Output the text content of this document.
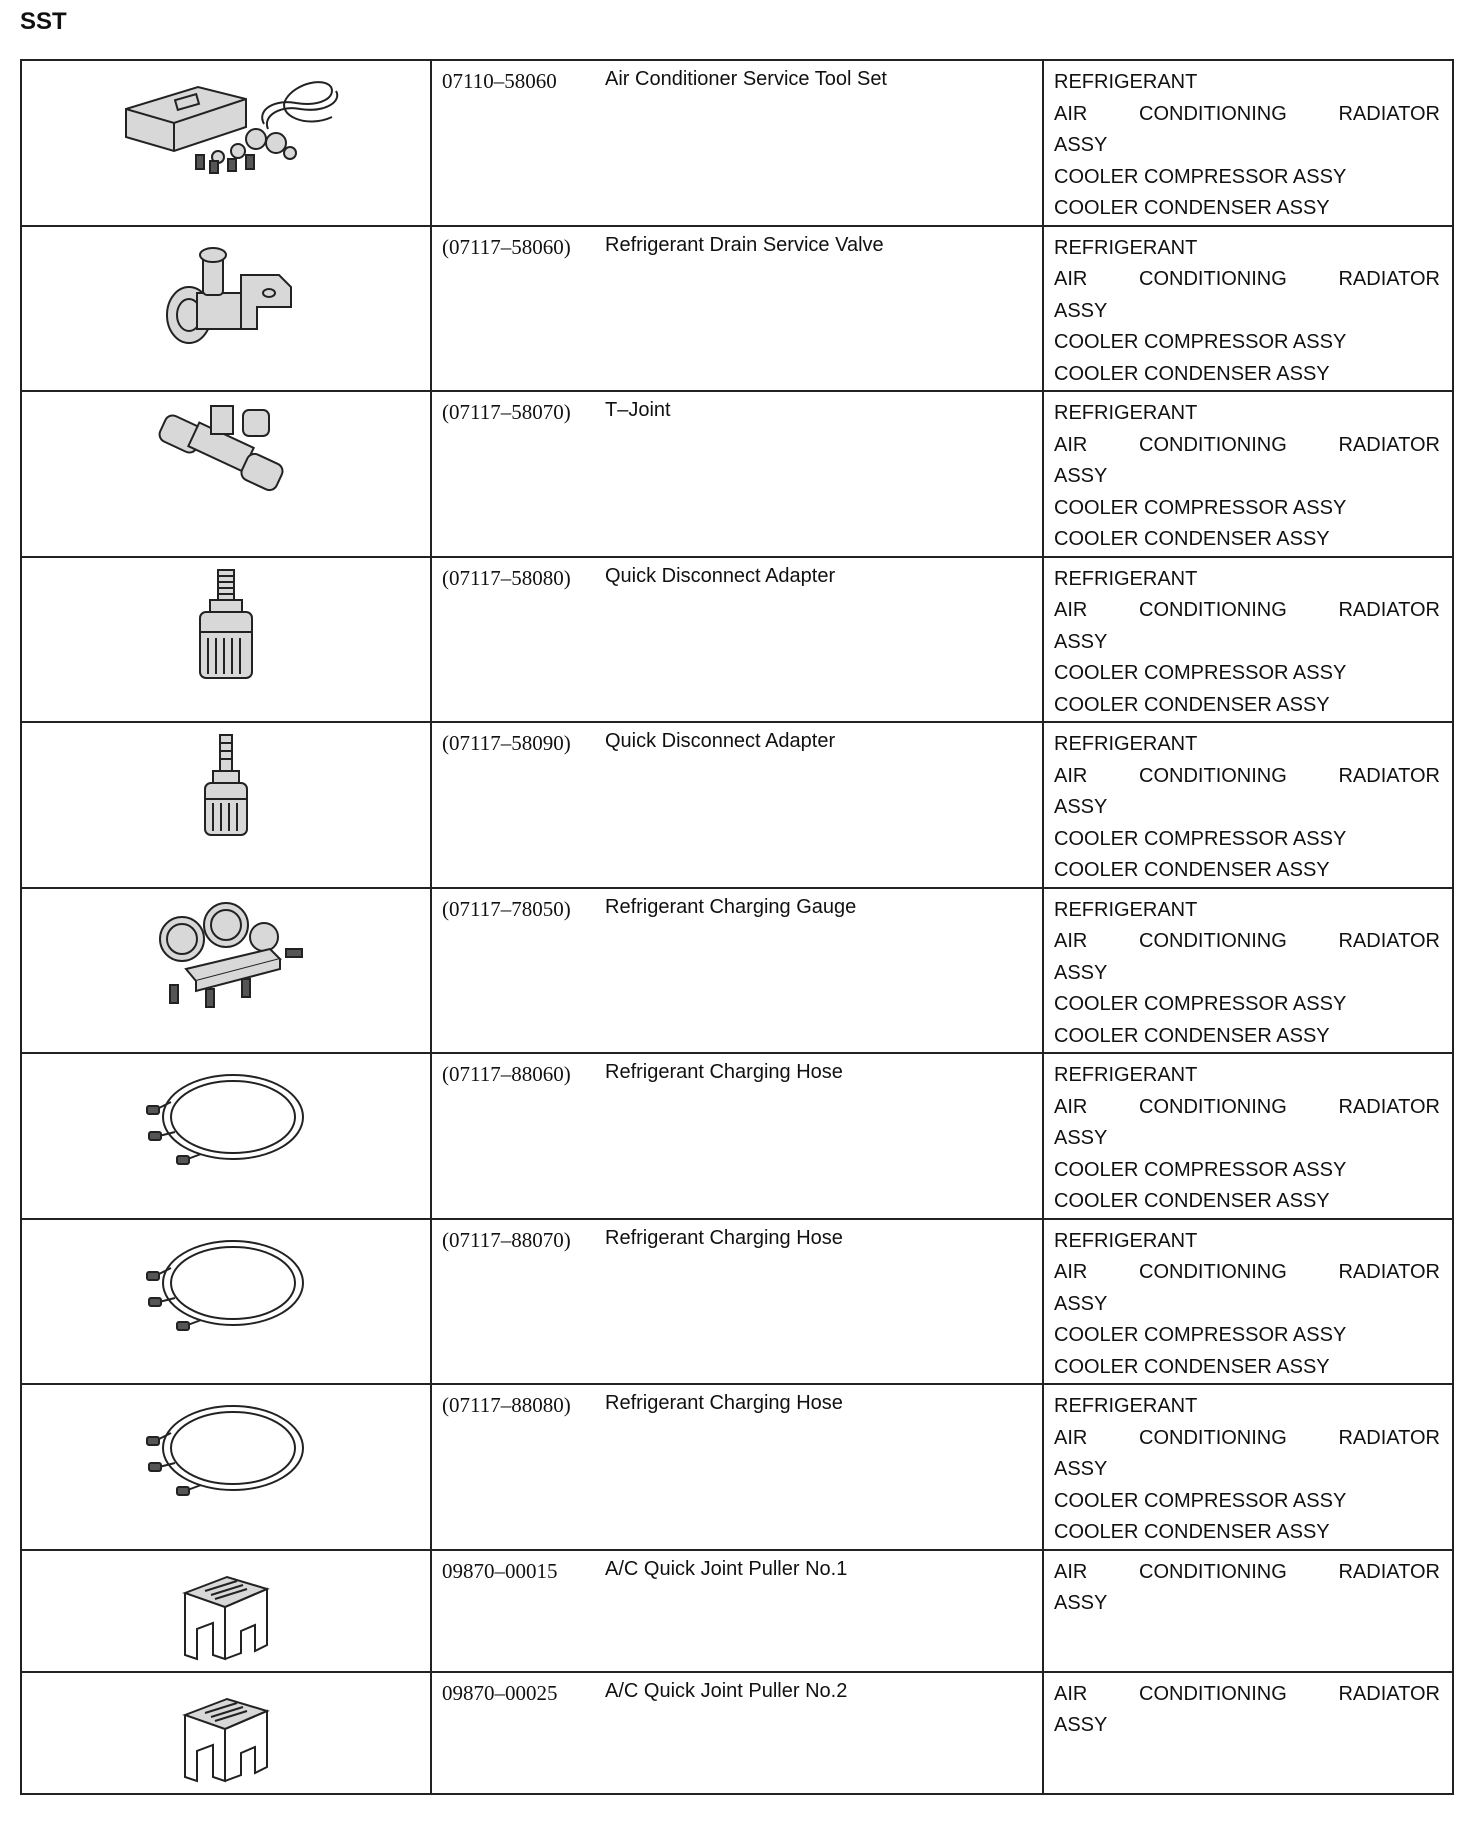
SST

07110–58060	Air Conditioner Service Tool Set	REFRIGERANT
AIR CONDITIONING RADIATOR
ASSY
COOLER COMPRESSOR ASSY
COOLER CONDENSER ASSY

(07117–58060)	Refrigerant Drain Service Valve	REFRIGERANT
AIR CONDITIONING RADIATOR
ASSY
COOLER COMPRESSOR ASSY
COOLER CONDENSER ASSY

(07117–58070)	T–Joint	REFRIGERANT
AIR CONDITIONING RADIATOR
ASSY
COOLER COMPRESSOR ASSY
COOLER CONDENSER ASSY

(07117–58080)	Quick Disconnect Adapter	REFRIGERANT
AIR CONDITIONING RADIATOR
ASSY
COOLER COMPRESSOR ASSY
COOLER CONDENSER ASSY

(07117–58090)	Quick Disconnect Adapter	REFRIGERANT
AIR CONDITIONING RADIATOR
ASSY
COOLER COMPRESSOR ASSY
COOLER CONDENSER ASSY

(07117–78050)	Refrigerant Charging Gauge	REFRIGERANT
AIR CONDITIONING RADIATOR
ASSY
COOLER COMPRESSOR ASSY
COOLER CONDENSER ASSY

(07117–88060)	Refrigerant Charging Hose	REFRIGERANT
AIR CONDITIONING RADIATOR
ASSY
COOLER COMPRESSOR ASSY
COOLER CONDENSER ASSY

(07117–88070)	Refrigerant Charging Hose	REFRIGERANT
AIR CONDITIONING RADIATOR
ASSY
COOLER COMPRESSOR ASSY
COOLER CONDENSER ASSY

(07117–88080)	Refrigerant Charging Hose	REFRIGERANT
AIR CONDITIONING RADIATOR
ASSY
COOLER COMPRESSOR ASSY
COOLER CONDENSER ASSY

09870–00015	A/C Quick Joint Puller No.1	AIR CONDITIONING RADIATOR
ASSY

09870–00025	A/C Quick Joint Puller No.2	AIR CONDITIONING RADIATOR
ASSY
